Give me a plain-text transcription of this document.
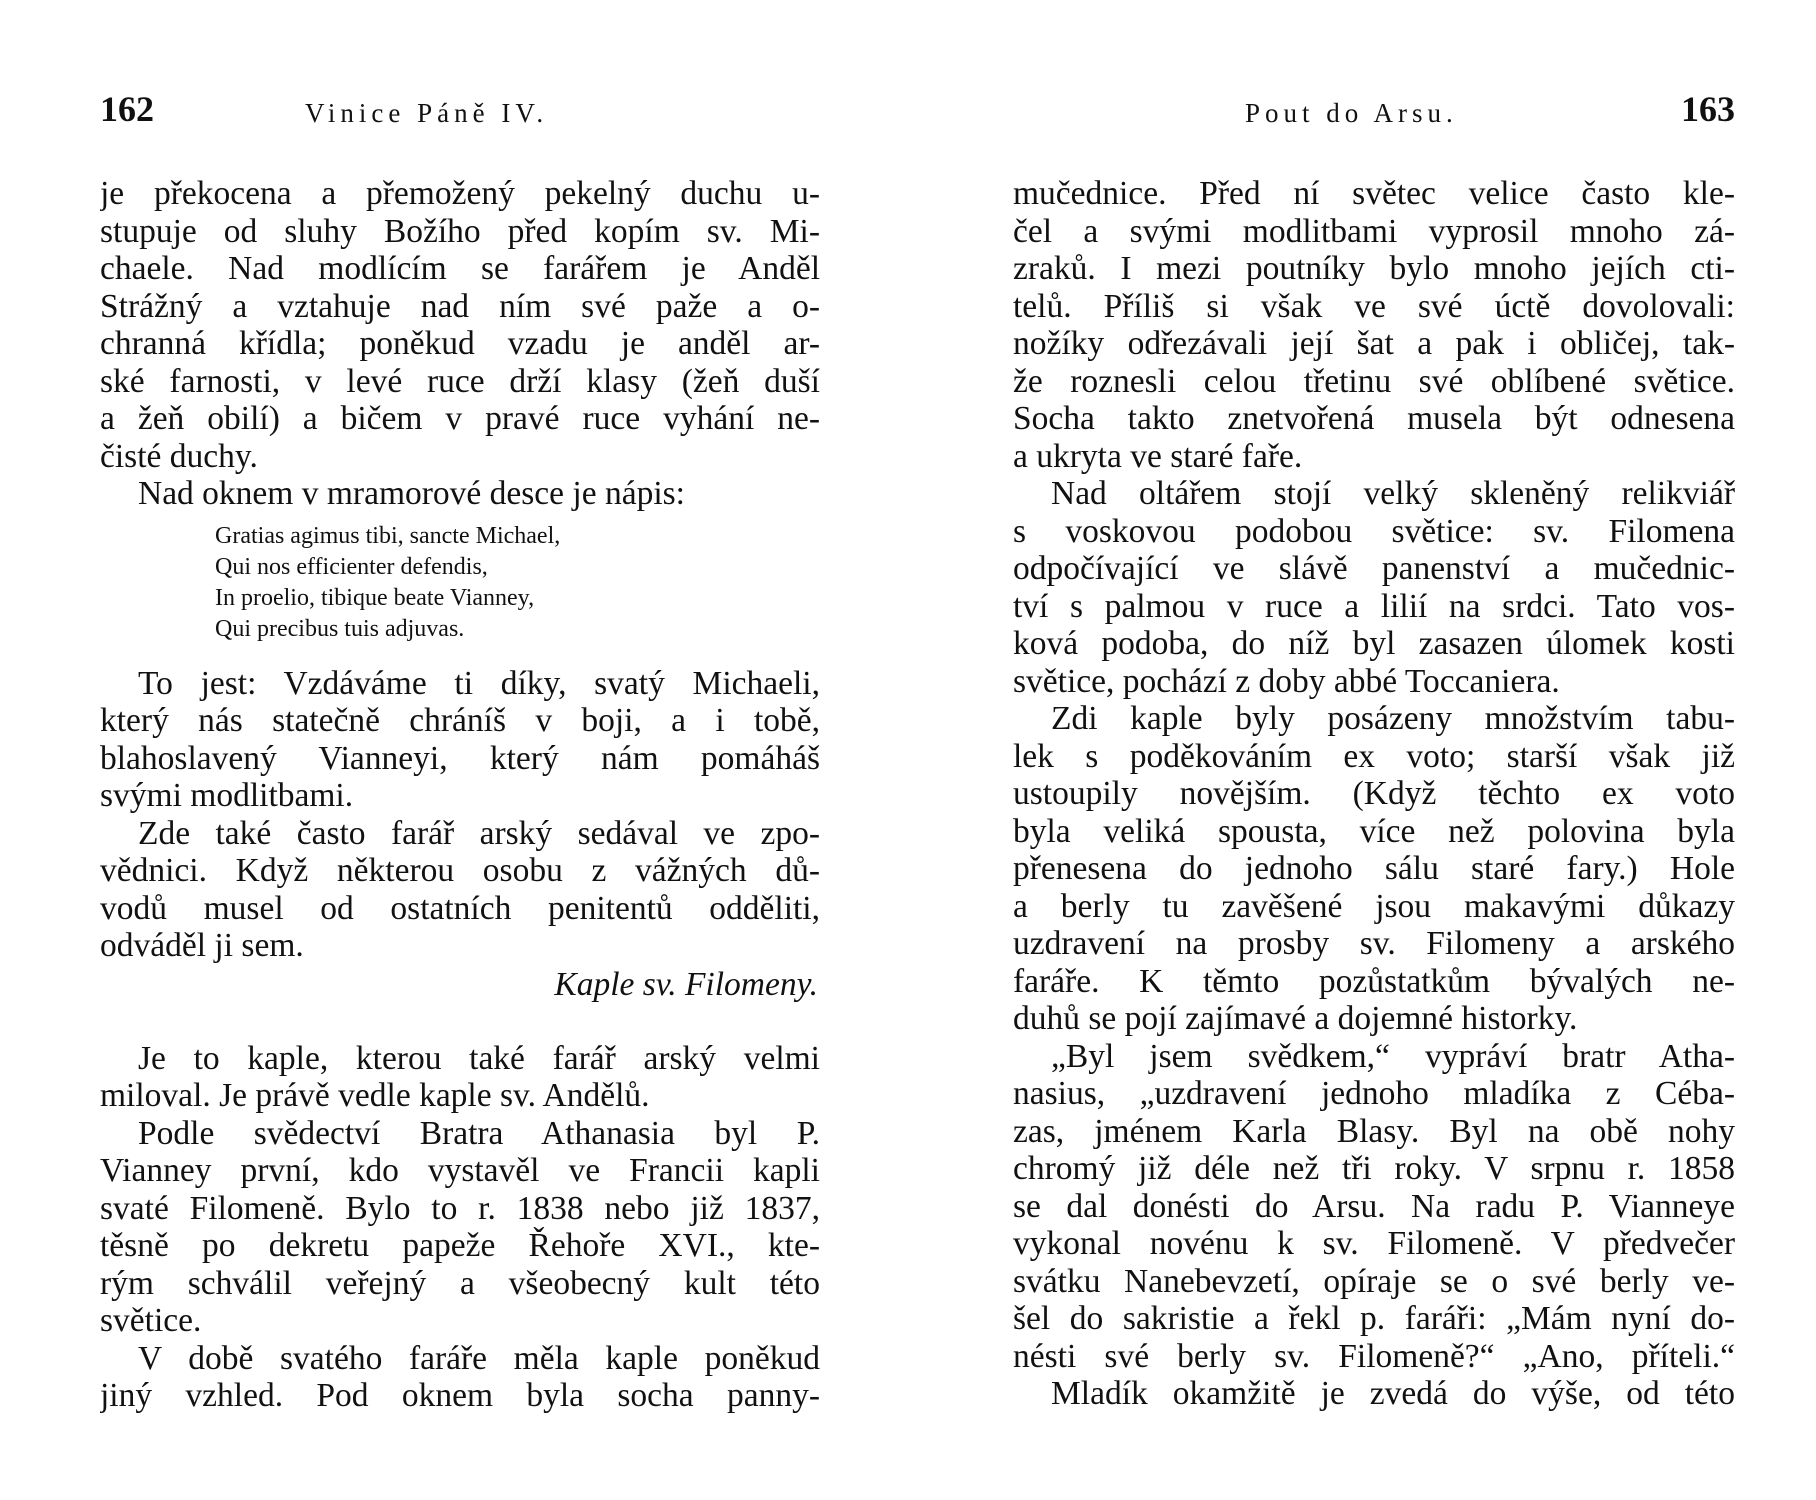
162	Vinice Páně IV.
je překocena a přemožený pekelný duchu u-
stupuje od sluhy Božího před kopím sv. Mi-
chaele. Nad modlícím se farářem je Anděl
Strážný a vztahuje nad ním své paže a o-
chranná křídla; poněkud vzadu je anděl ar-
ské farnosti, v levé ruce drží klasy (žeň duší
a žeň obilí) a bičem v pravé ruce vyhání ne-
čisté duchy.
Nad oknem v mramorové desce je nápis:
Gratias agimus tibi, sancte Michael,
Qui nos efficienter defendis,
In proelio, tibique beate Vianney,
Qui precibus tuis adjuvas.
To jest: Vzdáváme ti díky, svatý Michaeli,
který nás statečně chráníš v boji, a i tobě,
blahoslavený Vianneyi, který nám pomáháš
svými modlitbami.
Zde také často farář arský sedával ve zpo-
vědnici. Když některou osobu z vážných dů-
vodů musel od ostatních penitentů odděliti,
odváděl ji sem.
Kaple sv. Filomeny.
Je to kaple, kterou také farář arský velmi
miloval. Je právě vedle kaple sv. Andělů.
Podle svědectví Bratra Athanasia byl P.
Vianney první, kdo vystavěl ve Francii kapli
svaté Filomeně. Bylo to r. 1838 nebo již 1837,
těsně po dekretu papeže Řehoře XVI., kte-
rým schválil veřejný a všeobecný kult této
světice.
V době svatého faráře měla kaple poněkud
jiný vzhled. Pod oknem byla socha panny-
Pout do Arsu.	163
mučednice. Před ní světec velice často kle-
čel a svými modlitbami vyprosil mnoho zá-
zraků. I mezi poutníky bylo mnoho jejích cti-
telů. Příliš si však ve své úctě dovolovali:
nožíky odřezávali její šat a pak i obličej, tak-
že roznesli celou třetinu své oblíbené světice.
Socha takto znetvořená musela být odnesena
a ukryta ve staré faře.
Nad oltářem stojí velký skleněný relikviář
s voskovou podobou světice: sv. Filomena
odpočívající ve slávě panenství a mučednic-
tví s palmou v ruce a lilií na srdci. Tato vos-
ková podoba, do níž byl zasazen úlomek kosti
světice, pochází z doby abbé Toccaniera.
Zdi kaple byly posázeny množstvím tabu-
lek s poděkováním ex voto; starší však již
ustoupily novějším. (Když těchto ex voto
byla veliká spousta, více než polovina byla
přenesena do jednoho sálu staré fary.) Hole
a berly tu zavěšené jsou makavými důkazy
uzdravení na prosby sv. Filomeny a arského
faráře. K těmto pozůstatkům bývalých ne-
duhů se pojí zajímavé a dojemné historky.
„Byl jsem svědkem,“ vypráví bratr Atha-
nasius, „uzdravení jednoho mladíka z Céba-
zas, jménem Karla Blasy. Byl na obě nohy
chromý již déle než tři roky. V srpnu r. 1858
se dal donésti do Arsu. Na radu P. Vianneye
vykonal novénu k sv. Filomeně. V předvečer
svátku Nanebevzetí, opíraje se o své berly ve-
šel do sakristie a řekl p. faráři: „Mám nyní do-
nésti své berly sv. Filomeně?“ „Ano, příteli.“
Mladík okamžitě je zvedá do výše, od této
